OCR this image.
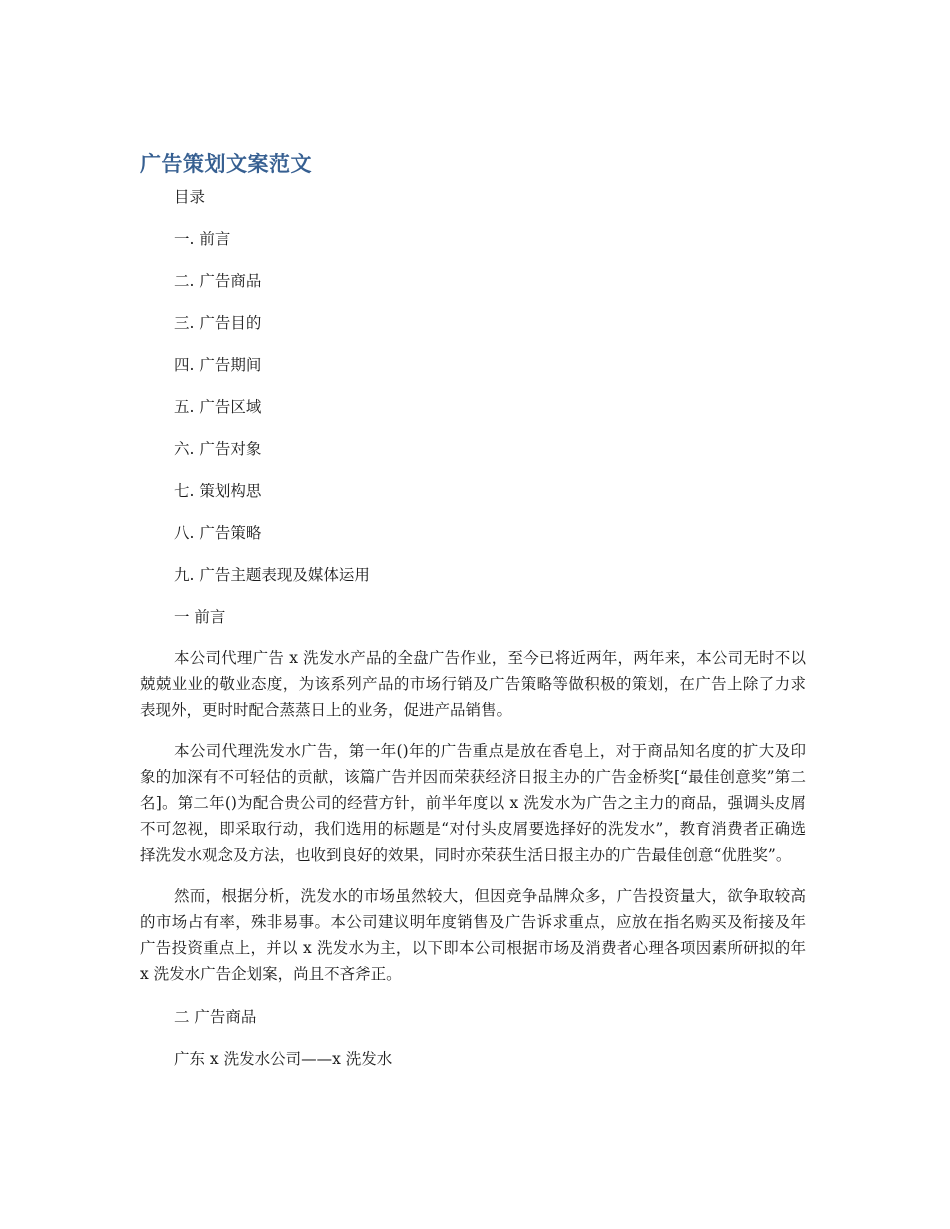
广告策划文案范文
目录
一. 前言
二. 广告商品
三. 广告目的
四. 广告期间
五. 广告区域
六. 广告对象
七. 策划构思
八. 广告策略
九. 广告主题表现及媒体运用
一 前言

本公司代理广告 x 洗发水产品的全盘广告作业，至今已将近两年，两年来，本公司无时不以兢兢业业的敬业态度，为该系列产品的市场行销及广告策略等做积极的策划，在广告上除了力求表现外，更时时配合蒸蒸日上的业务，促进产品销售。

本公司代理洗发水广告，第一年()年的广告重点是放在香皂上，对于商品知名度的扩大及印象的加深有不可轻估的贡献，该篇广告并因而荣获经济日报主办的广告金桥奖[“最佳创意奖”第二名]。第二年()为配合贵公司的经营方针，前半年度以 x 洗发水为广告之主力的商品，强调头皮屑不可忽视，即采取行动，我们选用的标题是“对付头皮屑要选择好的洗发水”，教育消费者正确选择洗发水观念及方法，也收到良好的效果，同时亦荣获生活日报主办的广告最佳创意“优胜奖”。

然而，根据分析，洗发水的市场虽然较大，但因竞争品牌众多，广告投资量大，欲争取较高的市场占有率，殊非易事。本公司建议明年度销售及广告诉求重点，应放在指名购买及衔接及年广告投资重点上，并以 x 洗发水为主，以下即本公司根据市场及消费者心理各项因素所研拟的年 x 洗发水广告企划案，尚且不吝斧正。

二 广告商品
广东 x 洗发水公司——x 洗发水
